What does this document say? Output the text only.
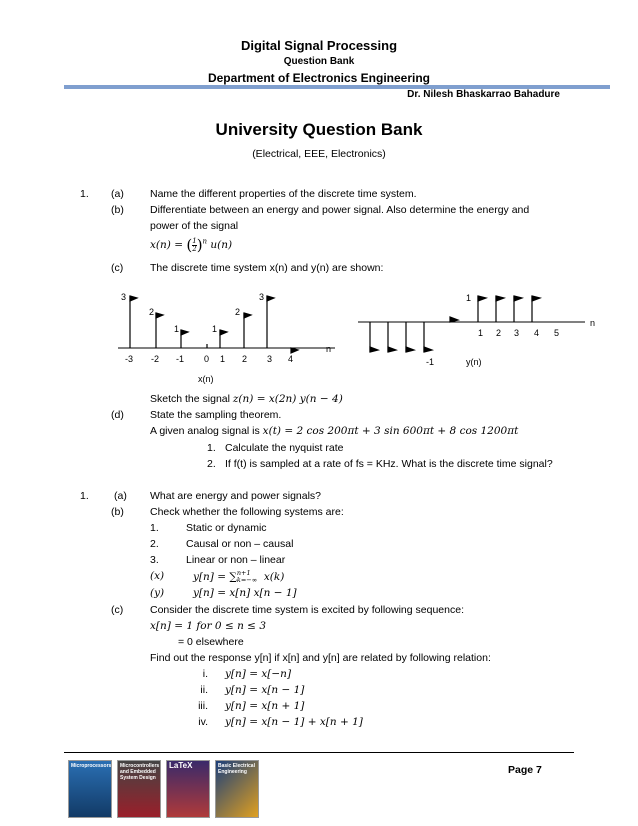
Digital Signal Processing
Question Bank
Department of Electronics Engineering
Dr. Nilesh Bhaskarrao Bahadure
University Question Bank
(Electrical, EEE, Electronics)
1. (a) Name the different properties of the discrete time system.
(b) Differentiate between an energy and power signal. Also determine the energy and
power of the signal
x(n) = ( $\frac{1}{2} )^n$ u(n)
(c)	The discrete time system x(n) and y(n) are shown:
n
3
2
1	1
2
3
-3 -2 -1 0 1 2 3 4
x(n)
n
1
-1
1 2 3 4 5
y(n)
Sketch the signal z(n) = x(2n) y(n − 4)
(d) State the sampling theorem.
A given analog signal is x(t) = 2 cos 200πt + 3 sin 600πt + 8 cos 1200πt
1. Calculate the nyquist rate
2. If f(t) is sampled at a rate of fs = KHz. What is the discrete time signal?
1. (a) What are energy and power signals?
(b) Check whether the following systems are:
1.	Static or dynamic
2.	Causal or non – causal
3.	Linear or non – linear
(x)	y[n] = ∑ n+1
k=−∞ x(k)
(y)	y[n] = x[n] x[n − 1]
(c)	Consider the discrete time system is excited by following sequence:
x[n] = 1 for 0 ≤ n ≤ 3
= 0 elsewhere
Find out the response y[n] if x[n] and y[n] are related by following relation:
i. y[n] = x[−n]
ii. y[n] = x[n − 1]
iii. y[n] = x[n + 1]
iv. y[n] = x[n − 1] + x[n + 1]
Page 7
Microprocessors	Microcontrollers and Embedded System Design
LaTeX	Basic Electrical Engineering
